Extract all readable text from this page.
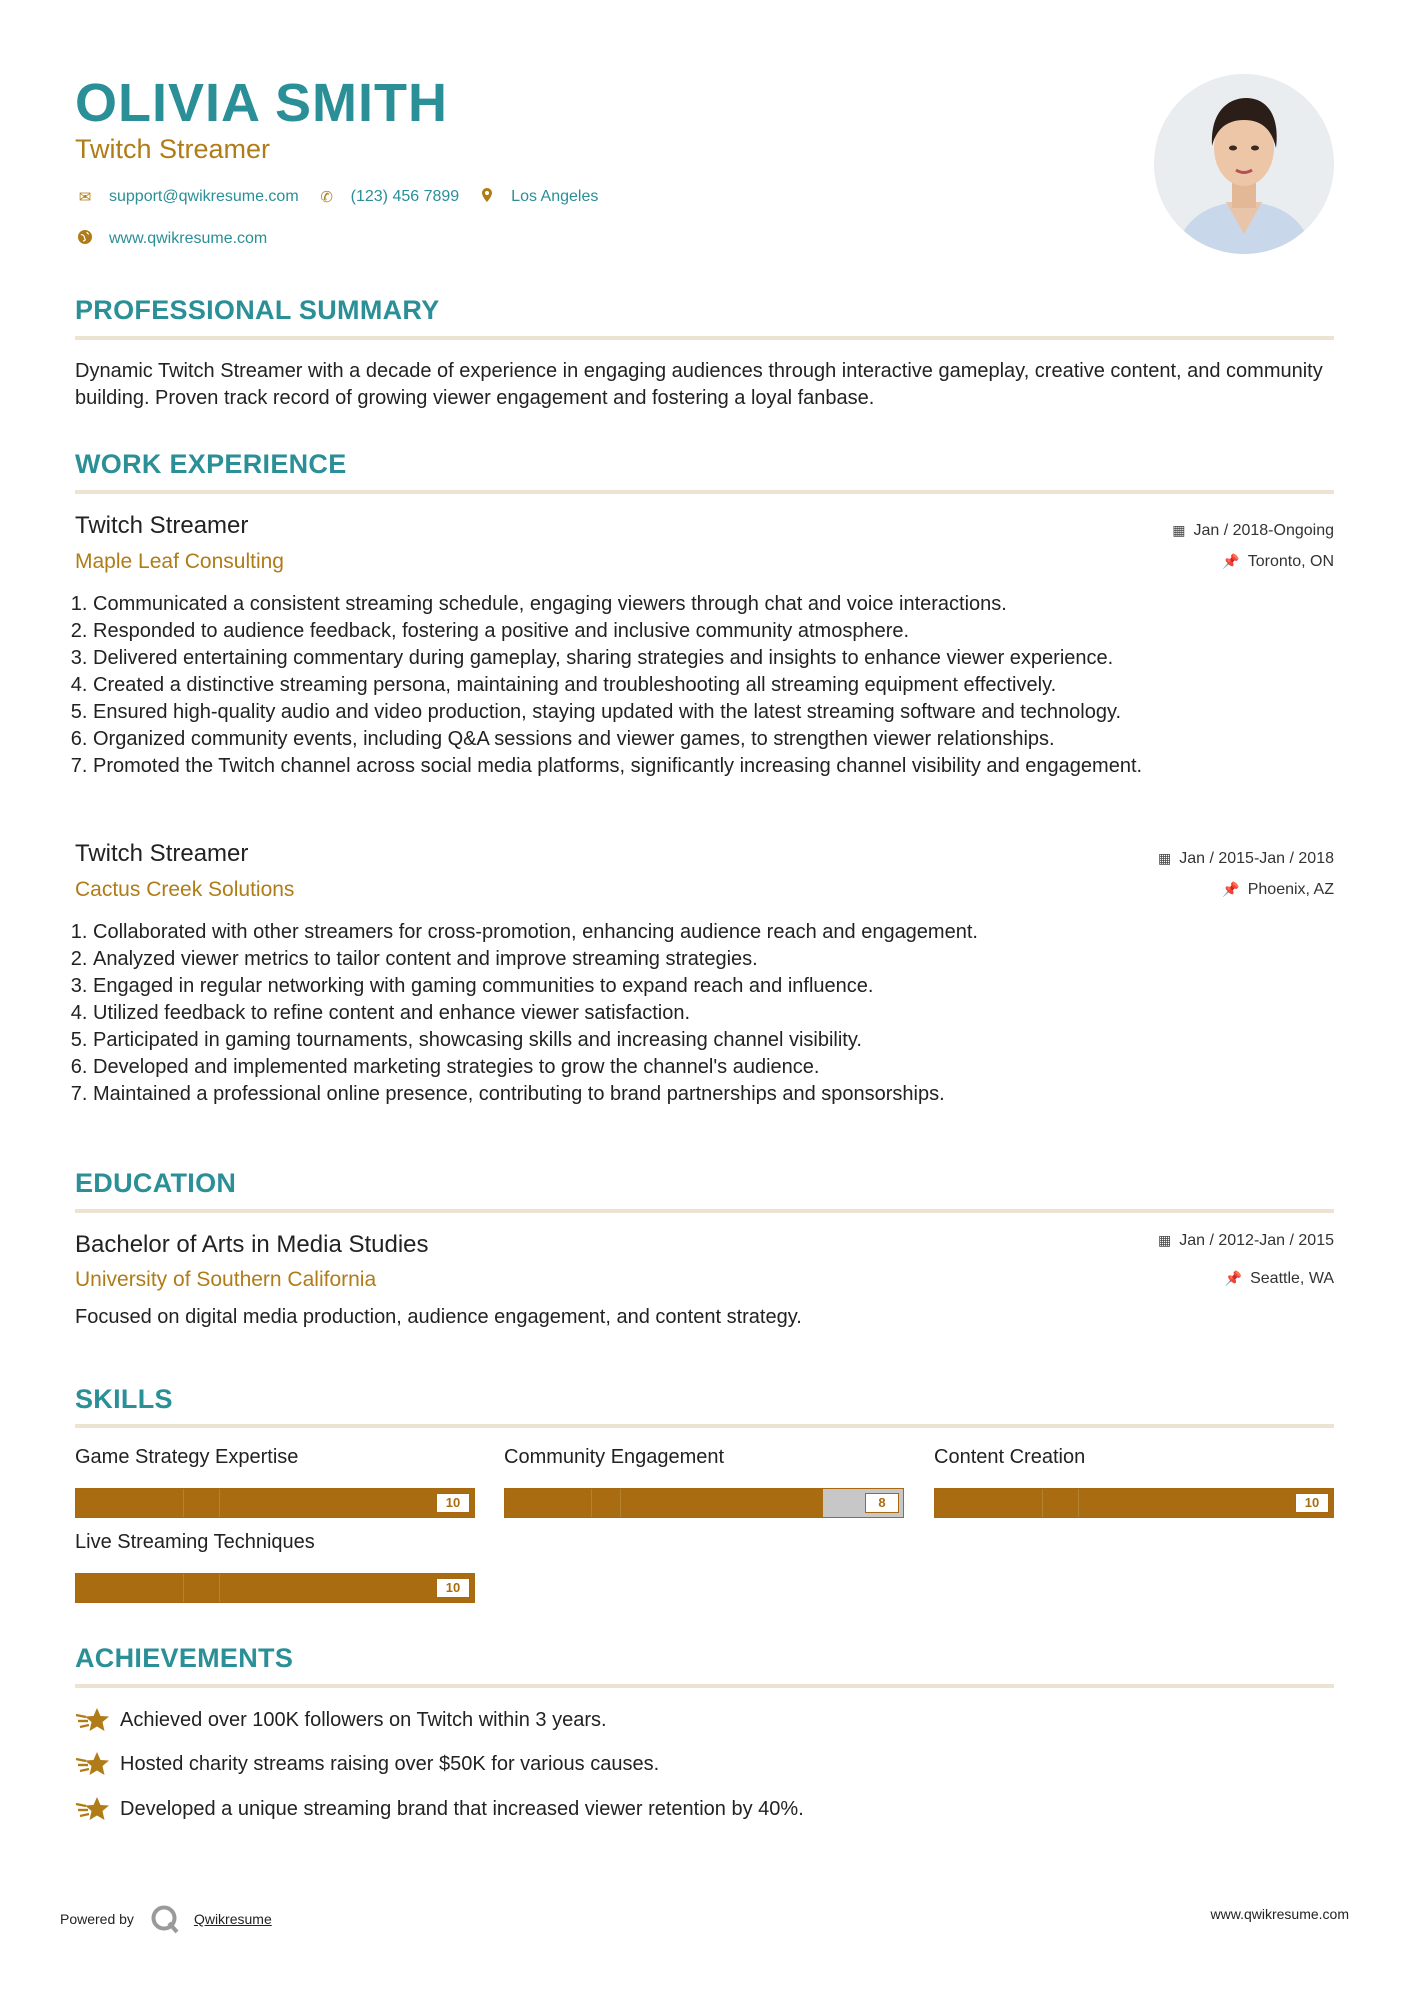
OLIVIA SMITH
Twitch Streamer
✉ support@qwikresume.com ✆ (123) 456 7899	Los Angeles
www.qwikresume.com
PROFESSIONAL SUMMARY
Dynamic Twitch Streamer with a decade of experience in engaging audiences through interactive gameplay, creative content, and community building. Proven track record of growing viewer engagement and fostering a loyal fanbase.
WORK EXPERIENCE
Twitch Streamer	▦ Jan / 2018-Ongoing
Maple Leaf Consulting	📌 Toronto, ON
1. Communicated a consistent streaming schedule, engaging viewers through chat and voice interactions.
2. Responded to audience feedback, fostering a positive and inclusive community atmosphere.
3. Delivered entertaining commentary during gameplay, sharing strategies and insights to enhance viewer experience.
4. Created a distinctive streaming persona, maintaining and troubleshooting all streaming equipment effectively.
5. Ensured high-quality audio and video production, staying updated with the latest streaming software and technology.
6. Organized community events, including Q&A sessions and viewer games, to strengthen viewer relationships.
7. Promoted the Twitch channel across social media platforms, significantly increasing channel visibility and engagement.
Twitch Streamer	▦ Jan / 2015-Jan / 2018
Cactus Creek Solutions	📌 Phoenix, AZ
1. Collaborated with other streamers for cross-promotion, enhancing audience reach and engagement.
2. Analyzed viewer metrics to tailor content and improve streaming strategies.
3. Engaged in regular networking with gaming communities to expand reach and influence.
4. Utilized feedback to refine content and enhance viewer satisfaction.
5. Participated in gaming tournaments, showcasing skills and increasing channel visibility.
6. Developed and implemented marketing strategies to grow the channel's audience.
7. Maintained a professional online presence, contributing to brand partnerships and sponsorships.
EDUCATION
Bachelor of Arts in Media Studies	▦ Jan / 2012-Jan / 2015
University of Southern California	📌 Seattle, WA
Focused on digital media production, audience engagement, and content strategy.
SKILLS
Game Strategy Expertise
10
Community Engagement
8
Content Creation
10
Live Streaming Techniques
10
ACHIEVEMENTS
Achieved over 100K followers on Twitch within 3 years.
Hosted charity streams raising over $50K for various causes.
Developed a unique streaming brand that increased viewer retention by 40%.
Powered by	Qwikresume	www.qwikresume.com
